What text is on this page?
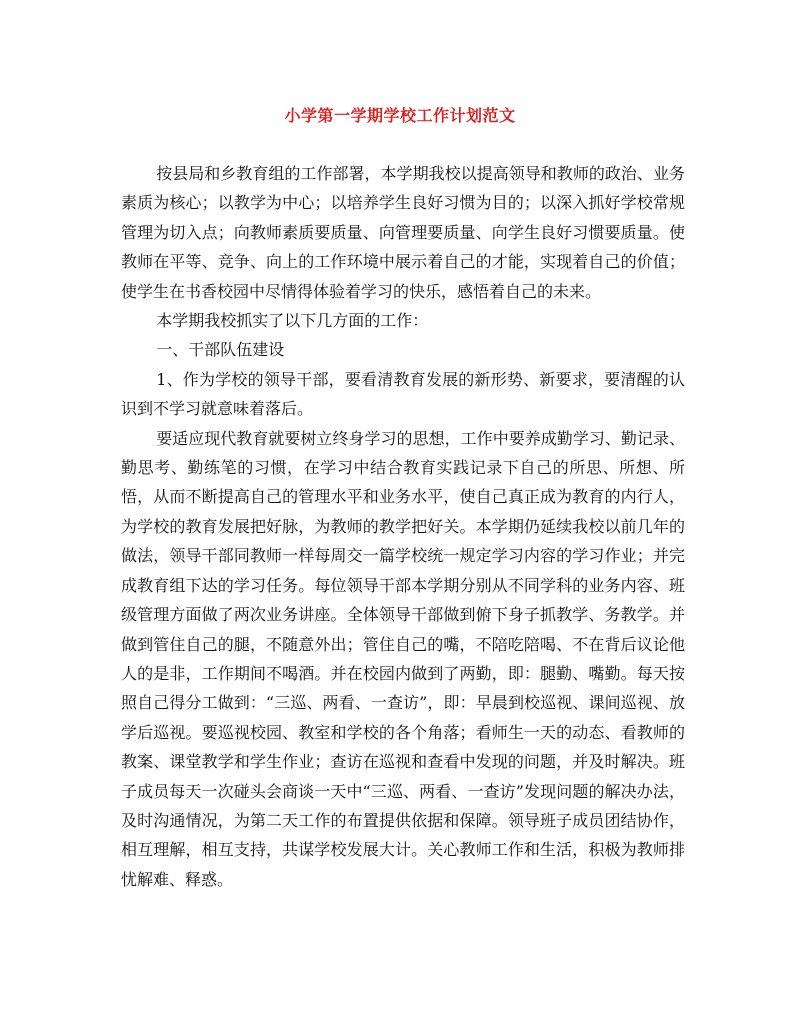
小学第一学期学校工作计划范文

按县局和乡教育组的工作部署，本学期我校以提高领导和教师的政治、业务素质为核心；以教学为中心；以培养学生良好习惯为目的；以深入抓好学校常规管理为切入点；向教师素质要质量、向管理要质量、向学生良好习惯要质量。使教师在平等、竞争、向上的工作环境中展示着自己的才能，实现着自己的价值；使学生在书香校园中尽情得体验着学习的快乐，感悟着自己的未来。

本学期我校抓实了以下几方面的工作：

一、干部队伍建设

1、作为学校的领导干部，要看清教育发展的新形势、新要求，要清醒的认识到不学习就意味着落后。

要适应现代教育就要树立终身学习的思想，工作中要养成勤学习、勤记录、勤思考、勤练笔的习惯，在学习中结合教育实践记录下自己的所思、所想、所悟，从而不断提高自己的管理水平和业务水平，使自己真正成为教育的内行人，为学校的教育发展把好脉，为教师的教学把好关。本学期仍延续我校以前几年的做法，领导干部同教师一样每周交一篇学校统一规定学习内容的学习作业；并完成教育组下达的学习任务。每位领导干部本学期分别从不同学科的业务内容、班级管理方面做了两次业务讲座。全体领导干部做到俯下身子抓教学、务教学。并做到管住自己的腿，不随意外出；管住自己的嘴，不陪吃陪喝、不在背后议论他人的是非，工作期间不喝酒。并在校园内做到了两勤，即：腿勤、嘴勤。每天按照自己得分工做到：“三巡、两看、一查访”，即：早晨到校巡视、课间巡视、放学后巡视。要巡视校园、教室和学校的各个角落；看师生一天的动态、看教师的教案、课堂教学和学生作业；查访在巡视和查看中发现的问题，并及时解决。班子成员每天一次碰头会商谈一天中“三巡、两看、一查访”发现问题的解决办法，及时沟通情况，为第二天工作的布置提供依据和保障。领导班子成员团结协作，相互理解，相互支持，共谋学校发展大计。关心教师工作和生活，积极为教师排忧解难、释惑。
